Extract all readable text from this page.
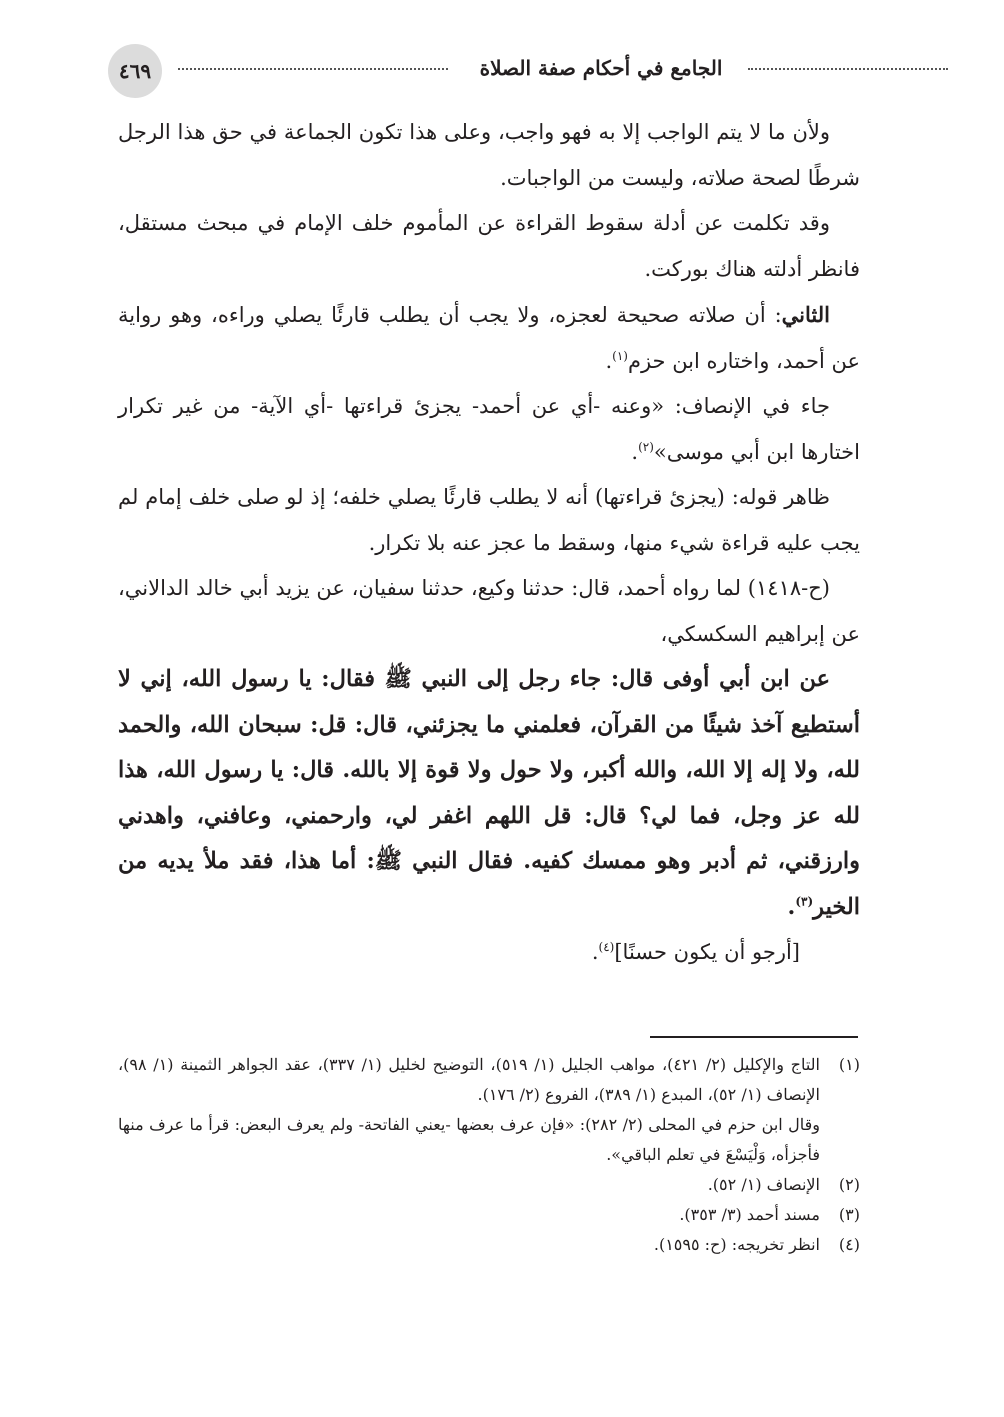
٤٦٩	الجامع في أحكام صفة الصلاة

ولأن ما لا يتم الواجب إلا به فهو واجب، وعلى هذا تكون الجماعة في حق هذا الرجل شرطًا لصحة صلاته، وليست من الواجبات.

وقد تكلمت عن أدلة سقوط القراءة عن المأموم خلف الإمام في مبحث مستقل، فانظر أدلته هناك بوركت.

الثاني: أن صلاته صحيحة لعجزه، ولا يجب أن يطلب قارئًا يصلي وراءه، وهو رواية عن أحمد، واختاره ابن حزم$^{(١)}$.

جاء في الإنصاف: «وعنه -أي عن أحمد- يجزئ قراءتها -أي الآية- من غير تكرار اختارها ابن أبي موسى»$^{(٢)}$.

ظاهر قوله: (يجزئ قراءتها) أنه لا يطلب قارئًا يصلي خلفه؛ إذ لو صلى خلف إمام لم يجب عليه قراءة شيء منها، وسقط ما عجز عنه بلا تكرار.

(ح-١٤١٨) لما رواه أحمد، قال: حدثنا وكيع، حدثنا سفيان، عن يزيد أبي خالد الدالاني، عن إبراهيم السكسكي،

عن ابن أبي أوفى قال: جاء رجل إلى النبي ﷺ فقال: يا رسول الله، إني لا أستطيع آخذ شيئًا من القرآن، فعلمني ما يجزئني، قال: قل: سبحان الله، والحمد لله، ولا إله إلا الله، والله أكبر، ولا حول ولا قوة إلا بالله. قال: يا رسول الله، هذا لله عز وجل، فما لي؟ قال: قل اللهم اغفر لي، وارحمني، وعافني، واهدني وارزقني، ثم أدبر وهو ممسك كفيه. فقال النبي ﷺ: أما هذا، فقد ملأ يديه من الخير$^{(٣)}$.

[أرجو أن يكون حسنًا]$^{(٤)}$.

(١)
التاج والإكليل (٢/ ٤٢١)، مواهب الجليل (١/ ٥١٩)، التوضيح لخليل (١/ ٣٣٧)، عقد الجواهر الثمينة (١/ ٩٨)، الإنصاف (١/ ٥٢)، المبدع (١/ ٣٨٩)، الفروع (٢/ ١٧٦).

وقال ابن حزم في المحلى (٢/ ٢٨٢): «فإن عرف بعضها -يعني الفاتحة- ولم يعرف البعض: قرأ ما عرف منها فأجزأه، وَلْيَسْعَ في تعلم الباقي».

(٢)
الإنصاف (١/ ٥٢).
(٣)
مسند أحمد (٣/ ٣٥٣).
(٤)
انظر تخريجه: (ح: ١٥٩٥).
